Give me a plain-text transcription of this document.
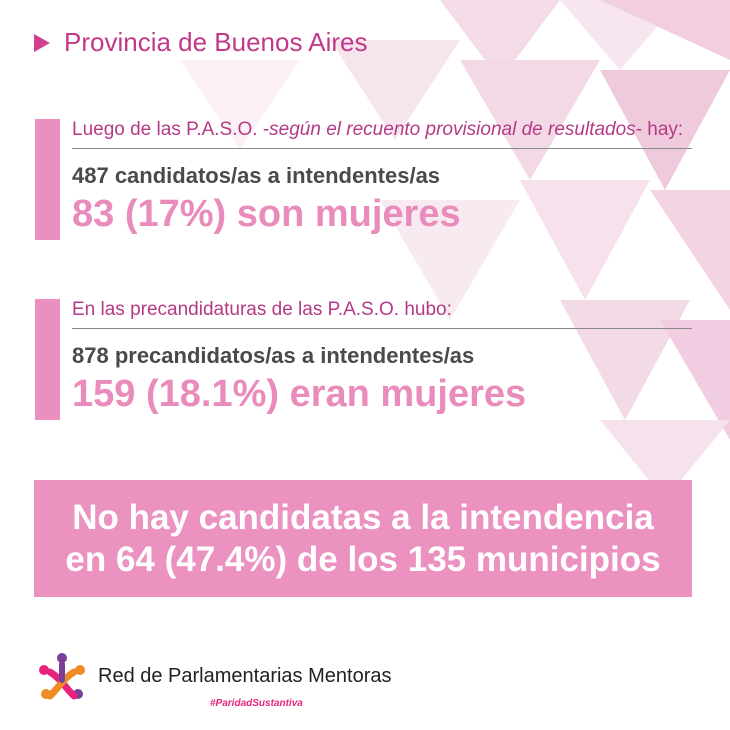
Provincia de Buenos Aires
Luego de las P.A.S.O. -según el recuento provisional de resultados- hay:
487 candidatos/as a intendentes/as
83 (17%) son mujeres
En las precandidaturas de las P.A.S.O. hubo:
878 precandidatos/as a intendentes/as
159 (18.1%) eran mujeres
No hay candidatas a la intendencia
en 64 (47.4%) de los 135 municipios
Red de Parlamentarias Mentoras
#ParidadSustantiva
